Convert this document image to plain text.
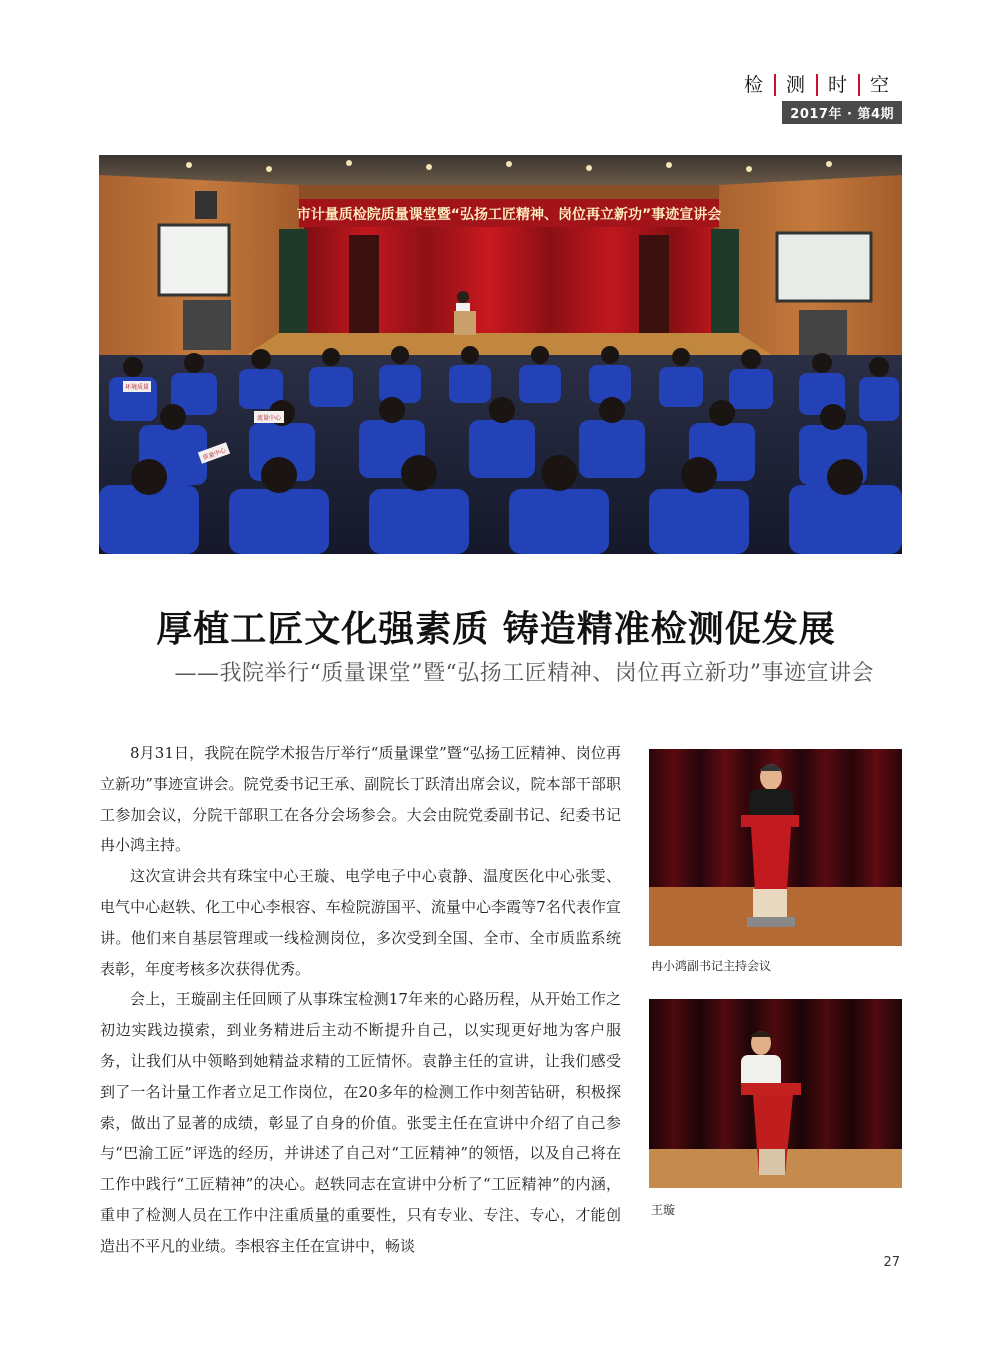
检	测	时	空
2017年 · 第4期
市计量质检院质量课堂暨“弘扬工匠精神、岗位再立新功”事迹宣讲会
质量中心
流量中心
环境质量
厚植工匠文化强素质 铸造精准检测促发展
——我院举行“质量课堂”暨“弘扬工匠精神、岗位再立新功”事迹宣讲会

8月31日，我院在院学术报告厅举行“质量课堂”暨“弘扬工匠精神、岗位再立新功”事迹宣讲会。院党委书记王承、副院长丁跃清出席会议，院本部干部职工参加会议，分院干部职工在各分会场参会。大会由院党委副书记、纪委书记冉小鸿主持。

这次宣讲会共有珠宝中心王璇、电学电子中心袁静、温度医化中心张雯、电气中心赵轶、化工中心李根容、车检院游国平、流量中心李霞等7名代表作宣讲。他们来自基层管理或一线检测岗位，多次受到全国、全市、全市质监系统表彰，年度考核多次获得优秀。

会上，王璇副主任回顾了从事珠宝检测17年来的心路历程，从开始工作之初边实践边摸索，到业务精进后主动不断提升自己，以实现更好地为客户服务，让我们从中领略到她精益求精的工匠情怀。袁静主任的宣讲，让我们感受到了一名计量工作者立足工作岗位，在20多年的检测工作中刻苦钻研，积极探索，做出了显著的成绩，彰显了自身的价值。张雯主任在宣讲中介绍了自己参与“巴渝工匠”评选的经历，并讲述了自己对“工匠精神”的领悟，以及自己将在工作中践行“工匠精神”的决心。赵轶同志在宣讲中分析了“工匠精神”的内涵，重申了检测人员在工作中注重质量的重要性，只有专业、专注、专心，才能创造出不平凡的业绩。李根容主任在宣讲中，畅谈

冉小鸿副书记主持会议
王璇
27
